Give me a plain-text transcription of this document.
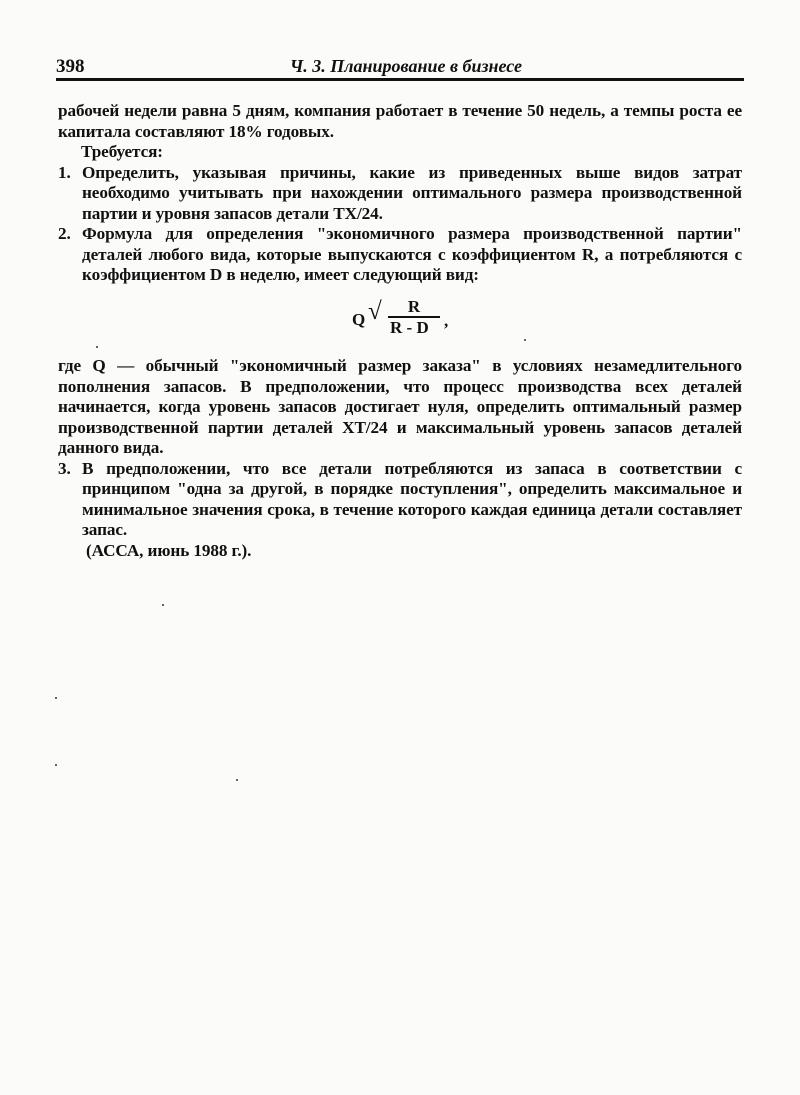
398	Ч. 3. Планирование в бизнесе

рабочей недели равна 5 дням, компания работает в течение 50 недель, а темпы роста ее капитала составляют 18% годовых.

Требуется:

1. Определить, указывая причины, какие из приведенных выше видов затрат необходимо учитывать при нахождении оптимального размера производственной партии и уровня запасов детали ТХ/24.

2. Формула для определения "экономичного размера производственной партии" деталей любого вида, которые выпускаются с коэффициентом R, а потребляются с коэффициентом D в неделю, имеет следующий вид:

Q √	R
R - D ,

где Q — обычный "экономичный размер заказа" в условиях незамедлительного пополнения запасов. В предположении, что процесс производства всех деталей начинается, когда уровень запасов достигает нуля, определить оптимальный размер производственной партии деталей ХТ/24 и максимальный уровень запасов деталей данного вида.

3. В предположении, что все детали потребляются из запаса в соответствии с принципом "одна за другой, в порядке поступления", определить максимальное и минимальное значения срока, в течение которого каждая единица детали составляет запас.

(АССА, июнь 1988 г.).
